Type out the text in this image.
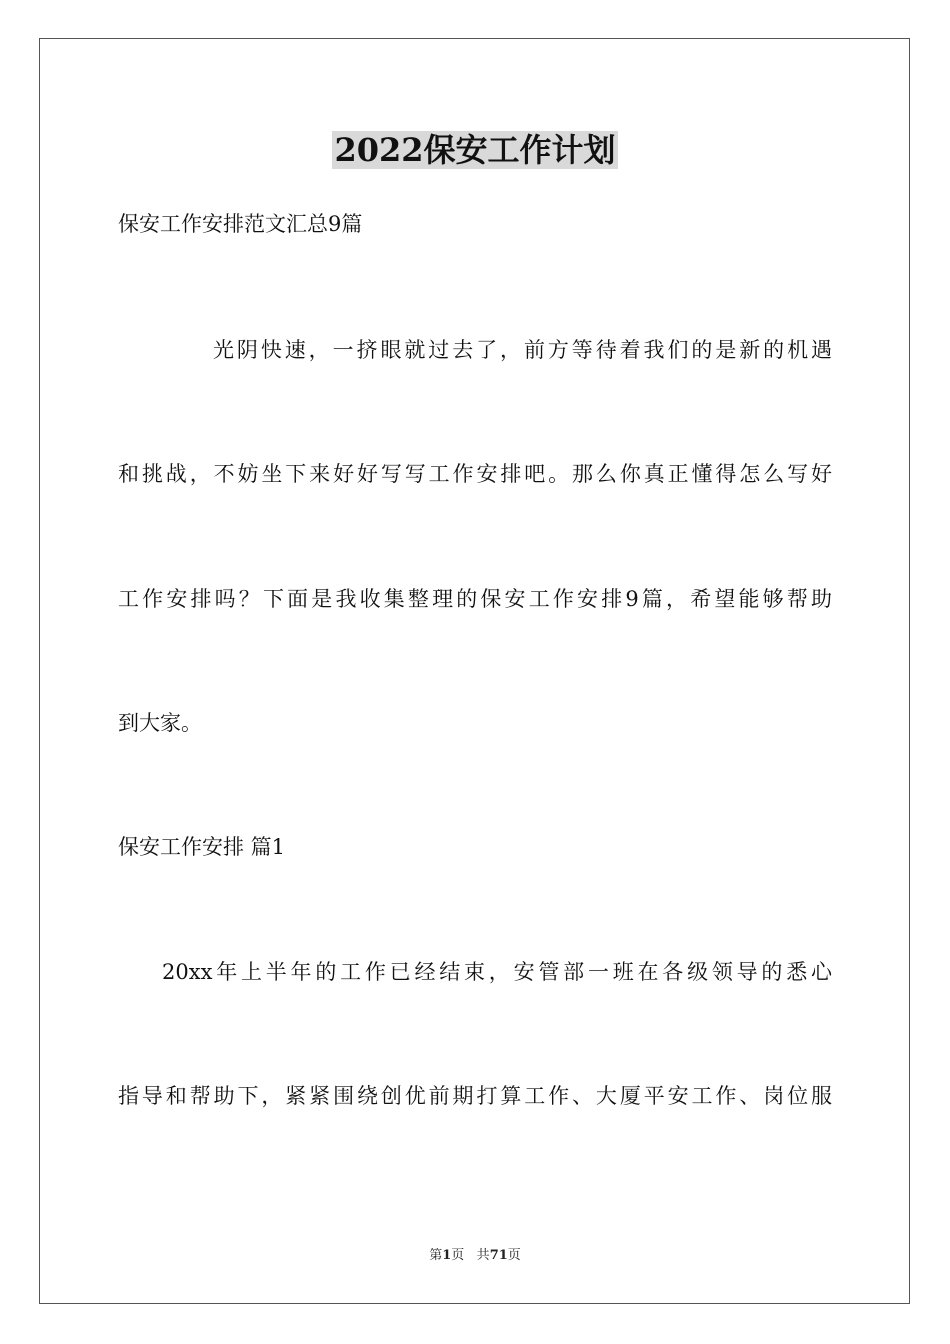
2022保安工作计划
保安工作安排范文汇总9篇
光阴快速，一挤眼就过去了，前方等待着我们的是新的机遇
和挑战，不妨坐下来好好写写工作安排吧。那么你真正懂得怎么写好
工作安排吗？下面是我收集整理的保安工作安排9篇，希望能够帮助
到大家。
保安工作安排 篇1
20xx年上半年的工作已经结束，安管部一班在各级领导的悉心
指导和帮助下，紧紧围绕创优前期打算工作、大厦平安工作、岗位服
第1页 共71页
